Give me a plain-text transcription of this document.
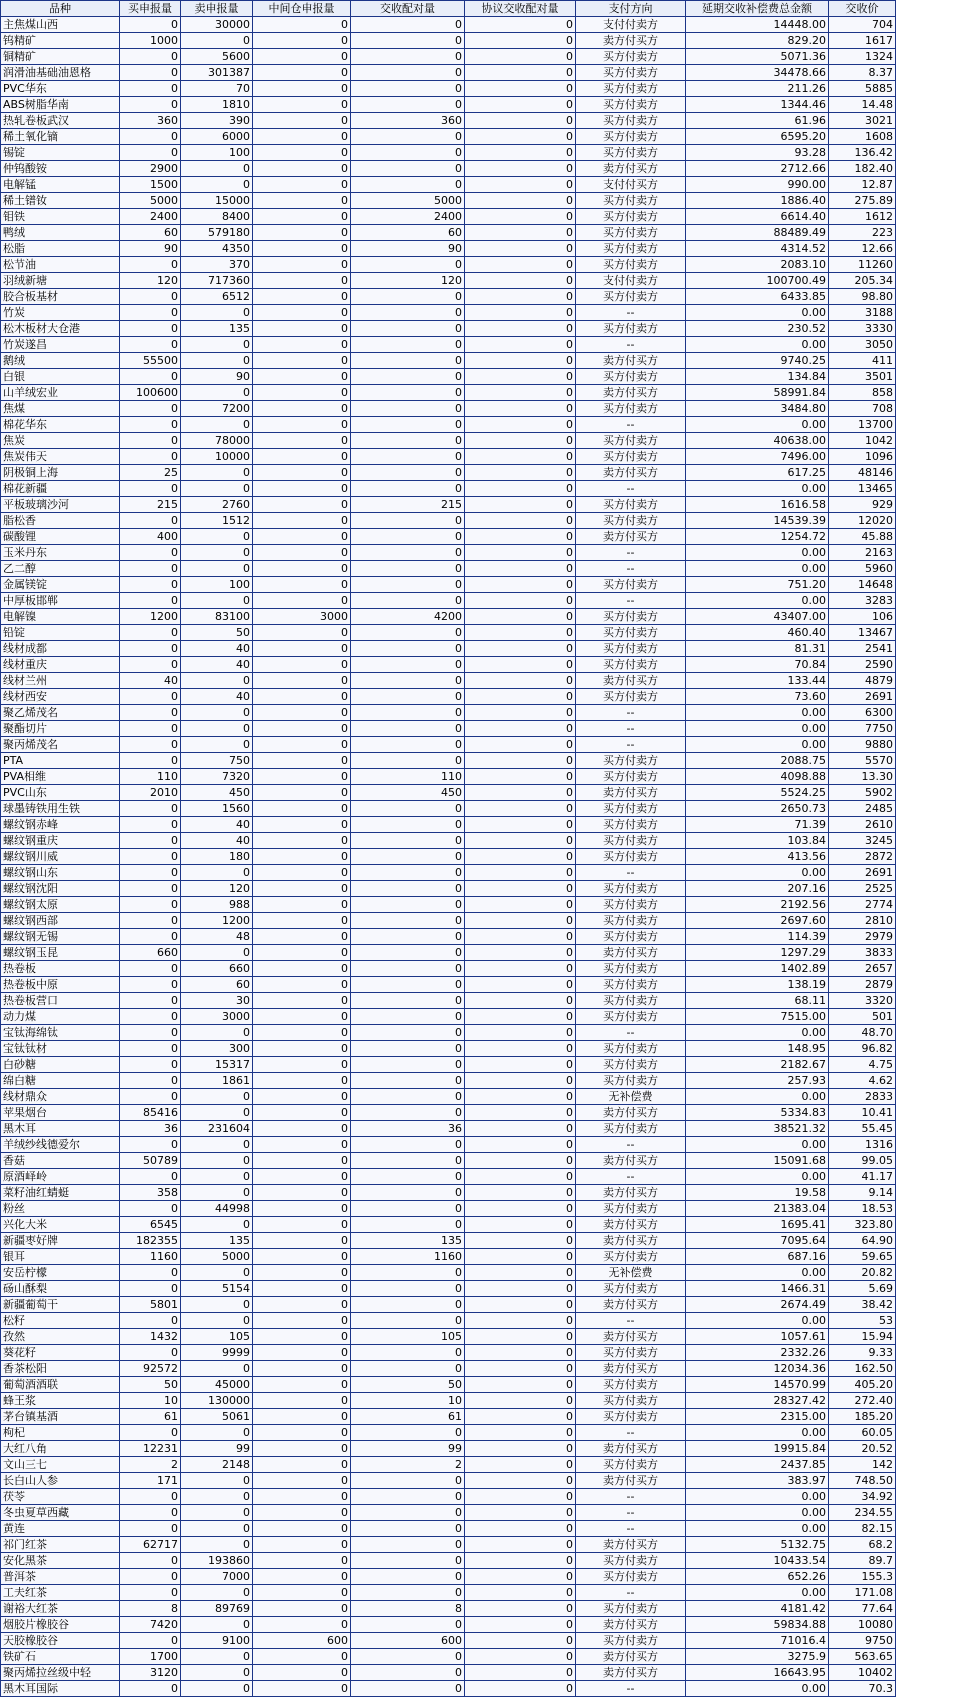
品种	买申报量	卖申报量	中间仓申报量	交收配对量	协议交收配对量	支付方向	延期交收补偿费总金额	交收价
主焦煤山西	0	30000	0	0	0	支付付卖方	14448.00	704
钨精矿	1000	0	0	0	0	卖方付买方	829.20	1617
铜精矿	0	5600	0	0	0	买方付卖方	5071.36	1324
润滑油基础油恩格	0	301387	0	0	0	买方付卖方	34478.66	8.37
PVC华东	0	70	0	0	0	买方付卖方	211.26	5885
ABS树脂华南	0	1810	0	0	0	买方付卖方	1344.46	14.48
热轧卷板武汉	360	390	0	360	0	买方付卖方	61.96	3021
稀土氧化镝	0	6000	0	0	0	买方付卖方	6595.20	1608
锡锭	0	100	0	0	0	买方付卖方	93.28	136.42
仲钨酸铵	2900	0	0	0	0	卖方付买方	2712.66	182.40
电解锰	1500	0	0	0	0	支付付买方	990.00	12.87
稀土镨钕	5000	15000	0	5000	0	买方付卖方	1886.40	275.89
钼铁	2400	8400	0	2400	0	买方付卖方	6614.40	1612
鸭绒	60	579180	0	60	0	买方付卖方	88489.49	223
松脂	90	4350	0	90	0	买方付卖方	4314.52	12.66
松节油	0	370	0	0	0	买方付卖方	2083.10	11260
羽绒新塘	120	717360	0	120	0	支付付卖方	100700.49	205.34
胶合板基材	0	6512	0	0	0	买方付卖方	6433.85	98.80
竹炭	0	0	0	0	0	--	0.00	3188
松木板材大仓港	0	135	0	0	0	买方付卖方	230.52	3330
竹炭遂昌	0	0	0	0	0	--	0.00	3050
鹅绒	55500	0	0	0	0	卖方付买方	9740.25	411
白银	0	90	0	0	0	买方付卖方	134.84	3501
山羊绒宏业	100600	0	0	0	0	卖方付买方	58991.84	858
焦煤	0	7200	0	0	0	买方付卖方	3484.80	708
棉花华东	0	0	0	0	0	--	0.00	13700
焦炭	0	78000	0	0	0	买方付卖方	40638.00	1042
焦炭伟天	0	10000	0	0	0	买方付卖方	7496.00	1096
阴极铜上海	25	0	0	0	0	卖方付买方	617.25	48146
棉花新疆	0	0	0	0	0	--	0.00	13465
平板玻璃沙河	215	2760	0	215	0	买方付卖方	1616.58	929
脂松香	0	1512	0	0	0	买方付卖方	14539.39	12020
碳酸锂	400	0	0	0	0	卖方付买方	1254.72	45.88
玉米丹东	0	0	0	0	0	--	0.00	2163
乙二醇	0	0	0	0	0	--	0.00	5960
金属镁锭	0	100	0	0	0	买方付卖方	751.20	14648
中厚板邯郸	0	0	0	0	0	--	0.00	3283
电解镍	1200	83100	3000	4200	0	买方付卖方	43407.00	106
铅锭	0	50	0	0	0	买方付卖方	460.40	13467
线材成都	0	40	0	0	0	买方付卖方	81.31	2541
线材重庆	0	40	0	0	0	买方付卖方	70.84	2590
线材兰州	40	0	0	0	0	卖方付买方	133.44	4879
线材西安	0	40	0	0	0	买方付卖方	73.60	2691
聚乙烯茂名	0	0	0	0	0	--	0.00	6300
聚酯切片	0	0	0	0	0	--	0.00	7750
聚丙烯茂名	0	0	0	0	0	--	0.00	9880
PTA	0	750	0	0	0	买方付卖方	2088.75	5570
PVA相维	110	7320	0	110	0	买方付卖方	4098.88	13.30
PVC山东	2010	450	0	450	0	卖方付买方	5524.25	5902
球墨铸铁用生铁	0	1560	0	0	0	买方付卖方	2650.73	2485
螺纹钢赤峰	0	40	0	0	0	买方付卖方	71.39	2610
螺纹钢重庆	0	40	0	0	0	买方付卖方	103.84	3245
螺纹钢川威	0	180	0	0	0	买方付卖方	413.56	2872
螺纹钢山东	0	0	0	0	0	--	0.00	2691
螺纹钢沈阳	0	120	0	0	0	买方付卖方	207.16	2525
螺纹钢太原	0	988	0	0	0	买方付卖方	2192.56	2774
螺纹钢西部	0	1200	0	0	0	买方付卖方	2697.60	2810
螺纹钢无锡	0	48	0	0	0	买方付卖方	114.39	2979
螺纹钢玉昆	660	0	0	0	0	卖方付买方	1297.29	3833
热卷板	0	660	0	0	0	买方付卖方	1402.89	2657
热卷板中原	0	60	0	0	0	买方付卖方	138.19	2879
热卷板营口	0	30	0	0	0	买方付卖方	68.11	3320
动力煤	0	3000	0	0	0	买方付卖方	7515.00	501
宝钛海绵钛	0	0	0	0	0	--	0.00	48.70
宝钛钛材	0	300	0	0	0	买方付卖方	148.95	96.82
白砂糖	0	15317	0	0	0	买方付卖方	2182.67	4.75
绵白糖	0	1861	0	0	0	买方付卖方	257.93	4.62
线材鼎众	0	0	0	0	0	无补偿费	0.00	2833
苹果烟台	85416	0	0	0	0	卖方付买方	5334.83	10.41
黑木耳	36	231604	0	36	0	买方付卖方	38521.32	55.45
羊绒纱线德爱尔	0	0	0	0	0	--	0.00	1316
香菇	50789	0	0	0	0	卖方付买方	15091.68	99.05
原酒峄岭	0	0	0	0	0	--	0.00	41.17
菜籽油红蜻蜓	358	0	0	0	0	卖方付买方	19.58	9.14
粉丝	0	44998	0	0	0	买方付卖方	21383.04	18.53
兴化大米	6545	0	0	0	0	卖方付买方	1695.41	323.80
新疆枣好牌	182355	135	0	135	0	卖方付买方	7095.64	64.90
银耳	1160	5000	0	1160	0	买方付卖方	687.16	59.65
安岳柠檬	0	0	0	0	0	无补偿费	0.00	20.82
砀山酥梨	0	5154	0	0	0	买方付卖方	1466.31	5.69
新疆葡萄干	5801	0	0	0	0	卖方付买方	2674.49	38.42
松籽	0	0	0	0	0	--	0.00	53
孜然	1432	105	0	105	0	卖方付买方	1057.61	15.94
葵花籽	0	9999	0	0	0	买方付卖方	2332.26	9.33
香茶松阳	92572	0	0	0	0	卖方付买方	12034.36	162.50
葡萄酒酒联	50	45000	0	50	0	买方付卖方	14570.99	405.20
蜂王浆	10	130000	0	10	0	买方付卖方	28327.42	272.40
茅台镇基酒	61	5061	0	61	0	买方付卖方	2315.00	185.20
枸杞	0	0	0	0	0	--	0.00	60.05
大红八角	12231	99	0	99	0	卖方付买方	19915.84	20.52
文山三七	2	2148	0	2	0	买方付卖方	2437.85	142
长白山人参	171	0	0	0	0	卖方付买方	383.97	748.50
茯苓	0	0	0	0	0	--	0.00	34.92
冬虫夏草西藏	0	0	0	0	0	--	0.00	234.55
黄连	0	0	0	0	0	--	0.00	82.15
祁门红茶	62717	0	0	0	0	卖方付买方	5132.75	68.2
安化黑茶	0	193860	0	0	0	买方付卖方	10433.54	89.7
普洱茶	0	7000	0	0	0	买方付卖方	652.26	155.3
工夫红茶	0	0	0	0	0	--	0.00	171.08
谢裕大红茶	8	89769	0	8	0	买方付卖方	4181.42	77.64
烟胶片橡胶谷	7420	0	0	0	0	卖方付买方	59834.88	10080
天胶橡胶谷	0	9100	600	600	0	买方付卖方	71016.4	9750
铁矿石	1700	0	0	0	0	卖方付买方	3275.9	563.65
聚丙烯拉丝级中轻	3120	0	0	0	0	卖方付买方	16643.95	10402
黑木耳国际	0	0	0	0	0	--	0.00	70.3
